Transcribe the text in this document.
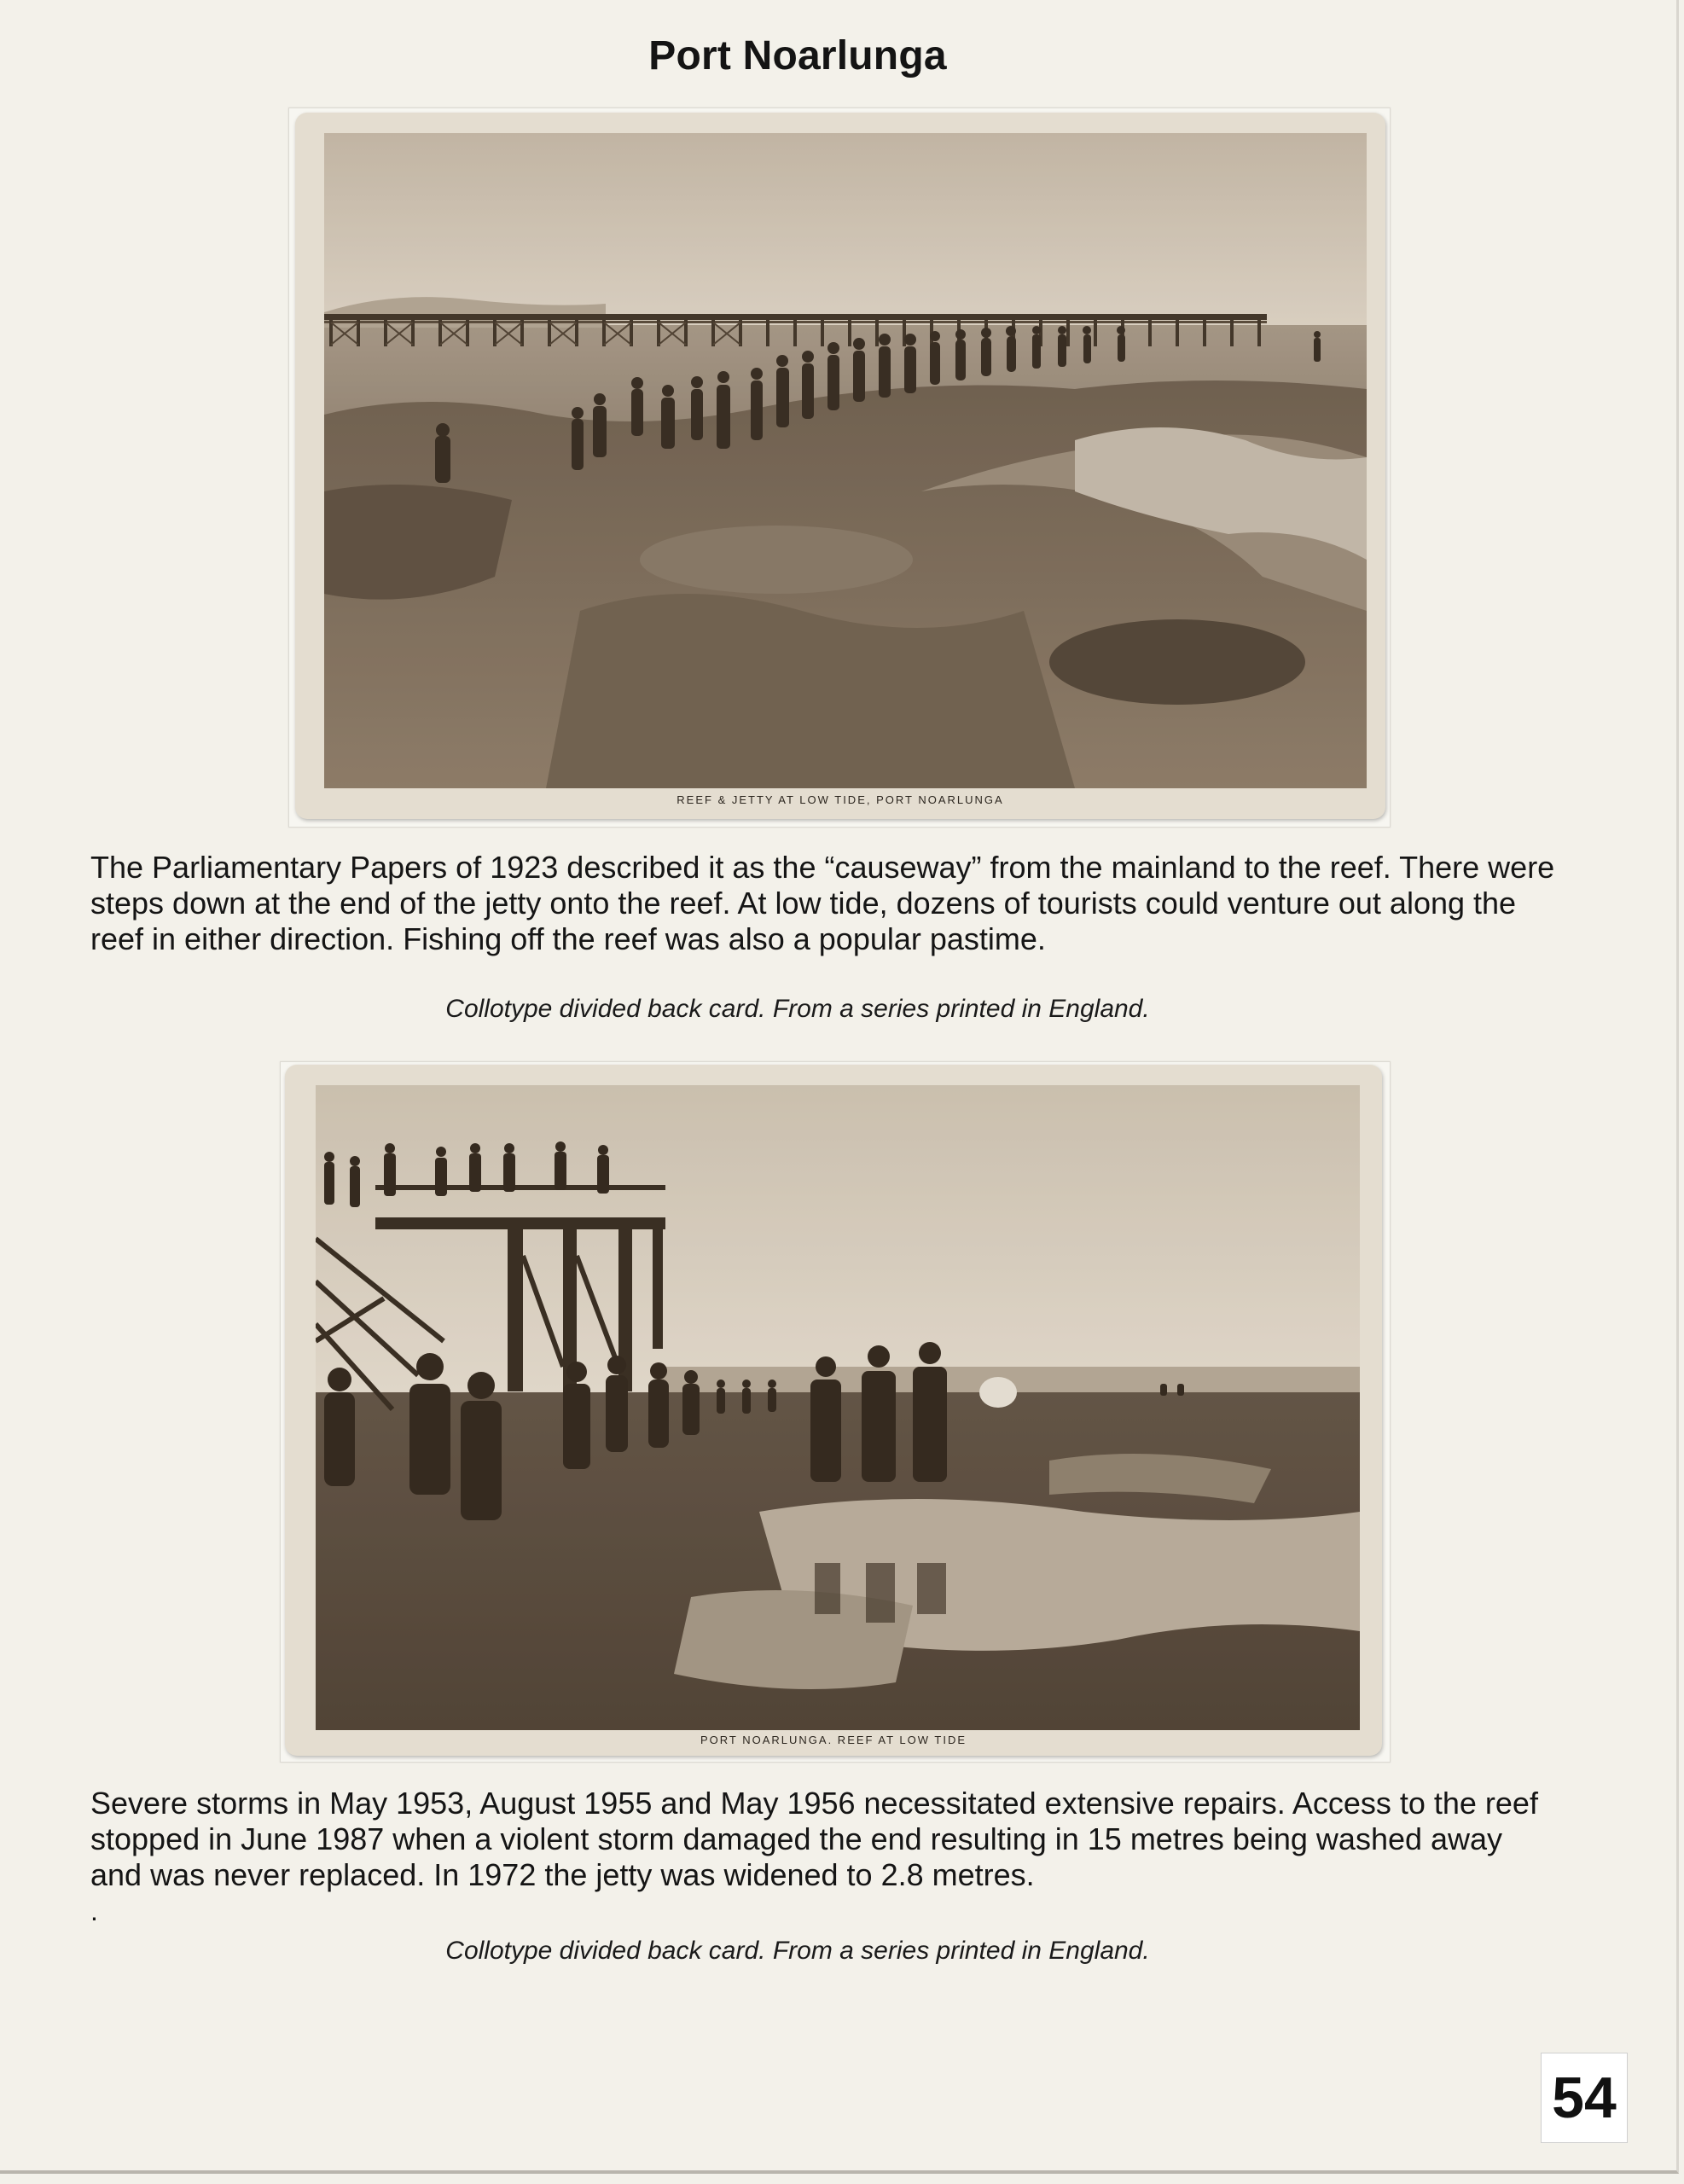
Port Noarlunga
REEF & JETTY AT LOW TIDE, PORT NOARLUNGA

The Parliamentary Papers of 1923 described it as the “causeway” from the mainland to the reef. There were steps down at the end of the jetty onto the reef. At low tide, dozens of tourists could venture out along the reef in either direction. Fishing off the reef was also a popular pastime.

Collotype divided back card. From a series printed in England.
PORT NOARLUNGA. REEF AT LOW TIDE

Severe storms in May 1953, August 1955 and May 1956 necessitated extensive repairs. Access to the reef stopped in June 1987 when a violent storm damaged the end resulting in 15 metres being washed away and was never replaced. In 1972 the jetty was widened to 2.8 metres.

.
Collotype divided back card. From a series printed in England.
54
